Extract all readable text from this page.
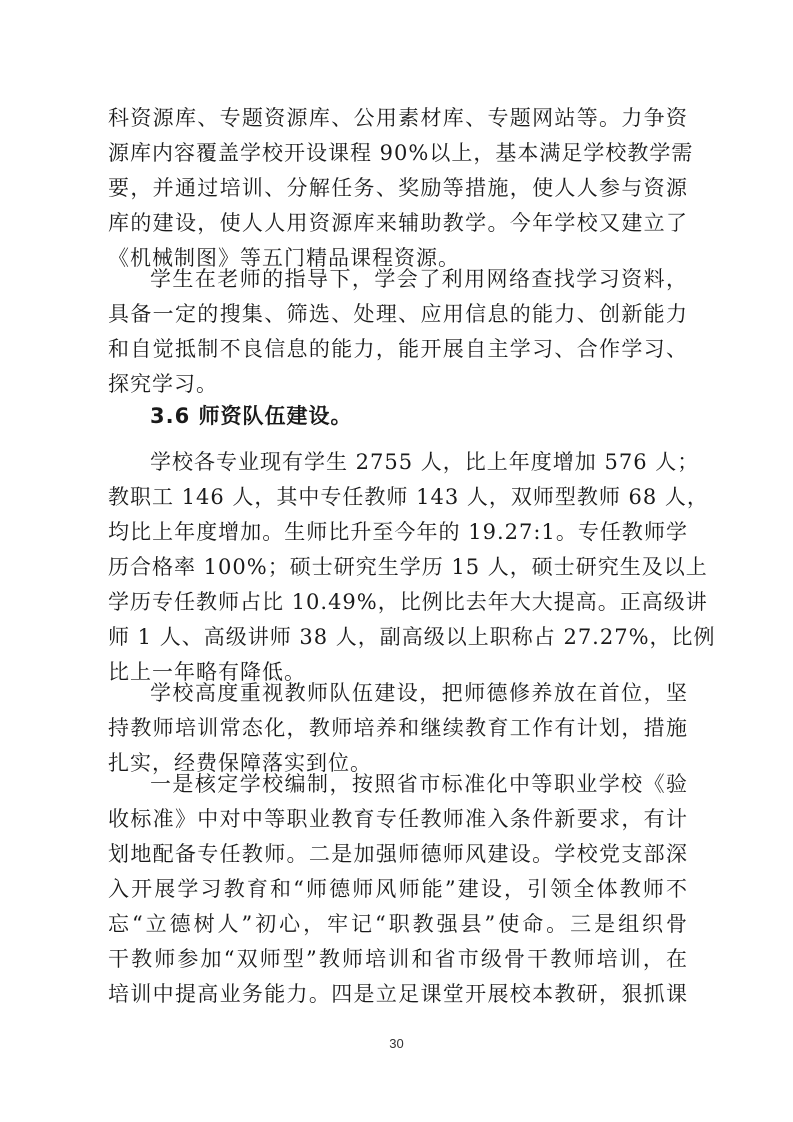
科资源库、专题资源库、公用素材库、专题网站等。力争资
源库内容覆盖学校开设课程 90%以上，基本满足学校教学需
要，并通过培训、分解任务、奖励等措施，使人人参与资源
库的建设，使人人用资源库来辅助教学。今年学校又建立了
《机械制图》等五门精品课程资源。
学生在老师的指导下，学会了利用网络查找学习资料，
具备一定的搜集、筛选、处理、应用信息的能力、创新能力
和自觉抵制不良信息的能力，能开展自主学习、合作学习、
探究学习。
3.6 师资队伍建设。
学校各专业现有学生 2755 人，比上年度增加 576 人；
教职工 146 人，其中专任教师 143 人，双师型教师 68 人，
均比上年度增加。生师比升至今年的 19.27:1。专任教师学
历合格率 100%；硕士研究生学历 15 人，硕士研究生及以上
学历专任教师占比 10.49%，比例比去年大大提高。正高级讲
师 1 人、高级讲师 38 人，副高级以上职称占 27.27%，比例
比上一年略有降低。
学校高度重视教师队伍建设，把师德修养放在首位，坚
持教师培训常态化，教师培养和继续教育工作有计划，措施
扎实，经费保障落实到位。
一是核定学校编制，按照省市标准化中等职业学校《验
收标准》中对中等职业教育专任教师准入条件新要求，有计
划地配备专任教师。二是加强师德师风建设。学校党支部深
入开展学习教育和“师德师风师能”建设，引领全体教师不
忘“立德树人”初心，牢记“职教强县”使命。三是组织骨
干教师参加“双师型”教师培训和省市级骨干教师培训，在
培训中提高业务能力。四是立足课堂开展校本教研，狠抓课
30
